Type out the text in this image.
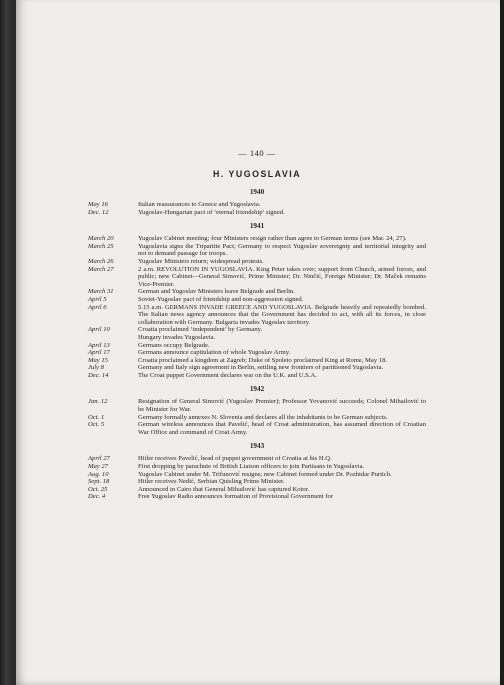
— 140 —
H. YUGOSLAVIA
1940
May 16	Italian reassurances to Greece and Yugoslavia.
Dec. 12	Yugoslav-Hungarian pact of ‘eternal friendship’ signed.
1941
March 20	Yugoslav Cabinet meeting; four Ministers resign rather than agree to German terms (see Mar. 24, 27).
March 25	Yugoslavia signs the Tripartite Pact; Germany to respect Yugoslav sovereignty and territorial integrity and not to demand passage for troops.
March 26	Yugoslav Ministers return; widespread protests.
March 27	2 a.m. REVOLUTION IN YUGOSLAVIA. King Peter takes over; support from Church, armed forces, and public; new Cabinet—General Simović, Prime Minister; Dr. Ninčić, Foreign Minister; Dr. Maček remains Vice-Premier.
March 31	German and Yugoslav Ministers leave Belgrade and Berlin.
April 5	Soviet-Yugoslav pact of friendship and non-aggression signed.
April 6	5.15 a.m. GERMANS INVADE GREECE AND YUGOSLAVIA. Belgrade heavily and repeatedly bombed. The Italian news agency announces that the Government has decided to act, with all its forces, in close collaboration with Germany. Bulgaria invades Yugoslav territory.
April 10	Croatia proclaimed ‘independent’ by Germany.
Hungary invades Yugoslavia.
April 13	Germans occupy Belgrade.
April 17	Germans announce capitulation of whole Yugoslav Army.
May 15	Croatia proclaimed a kingdom at Zagreb; Duke of Spoleto proclaimed King at Rome, May 18.
July 8	Germany and Italy sign agreement in Berlin, settling new frontiers of partitioned Yugoslavia.
Dec. 14	The Croat puppet Government declares war on the U.K. and U.S.A.
1942
Jan. 12	Resignation of General Simović (Yugoslav Premier); Professor Yovanović succeeds; Colonel Mihailović to be Minister for War.
Oct. 1	Germany formally annexes N. Slovenia and declares all the inhabitants to be German subjects.
Oct. 5	German wireless announces that Pavelić, head of Croat administration, has assumed direction of Croatian War Office and command of Croat Army.
1943
April 27	Hitler receives Pavelić, head of puppet government of Croatia at his H.Q.
May 27	First dropping by parachute of British Liaison officers to join Partisans in Yugoslavia.
Aug. 10	Yugoslav Cabinet under M. Trifunović resigns; new Cabinet formed under Dr. Pozhidar Puritch.
Sept. 18	Hitler receives Nedić, Serbian Quisling Prime Minister.
Oct. 25	Announced in Cairo that General Mihailović has captured Kotor.
Dec. 4	Free Yugoslav Radio announces formation of Provisional Government for
